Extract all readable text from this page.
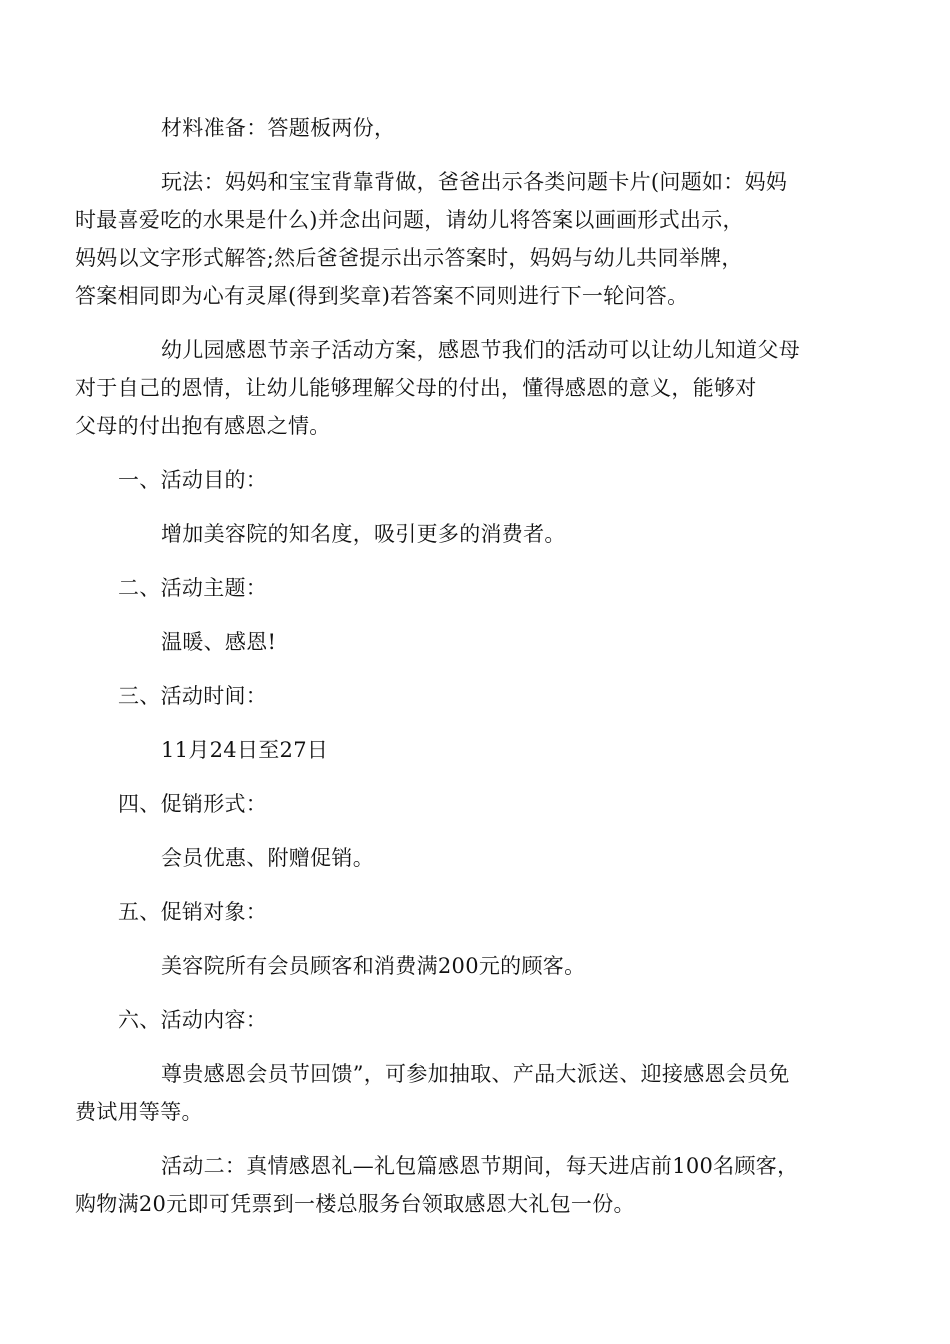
材料准备：答题板两份，

玩法：妈妈和宝宝背靠背做，爸爸出示各类问题卡片(问题如：妈妈
时最喜爱吃的水果是什么)并念出问题，请幼儿将答案以画画形式出示，
妈妈以文字形式解答;然后爸爸提示出示答案时，妈妈与幼儿共同举牌，
答案相同即为心有灵犀(得到奖章)若答案不同则进行下一轮问答。

幼儿园感恩节亲子活动方案，感恩节我们的活动可以让幼儿知道父母
对于自己的恩情，让幼儿能够理解父母的付出，懂得感恩的意义，能够对
父母的付出抱有感恩之情。

一、活动目的：

增加美容院的知名度，吸引更多的消费者。

二、活动主题：

温暖、感恩!

三、活动时间：

11月24日至27日

四、促销形式：

会员优惠、附赠促销。

五、促销对象：

美容院所有会员顾客和消费满200元的顾客。

六、活动内容：

尊贵感恩会员节回馈”，可参加抽取、产品大派送、迎接感恩会员免
费试用等等。

活动二：真情感恩礼—礼包篇感恩节期间，每天进店前100名顾客，
购物满20元即可凭票到一楼总服务台领取感恩大礼包一份。
